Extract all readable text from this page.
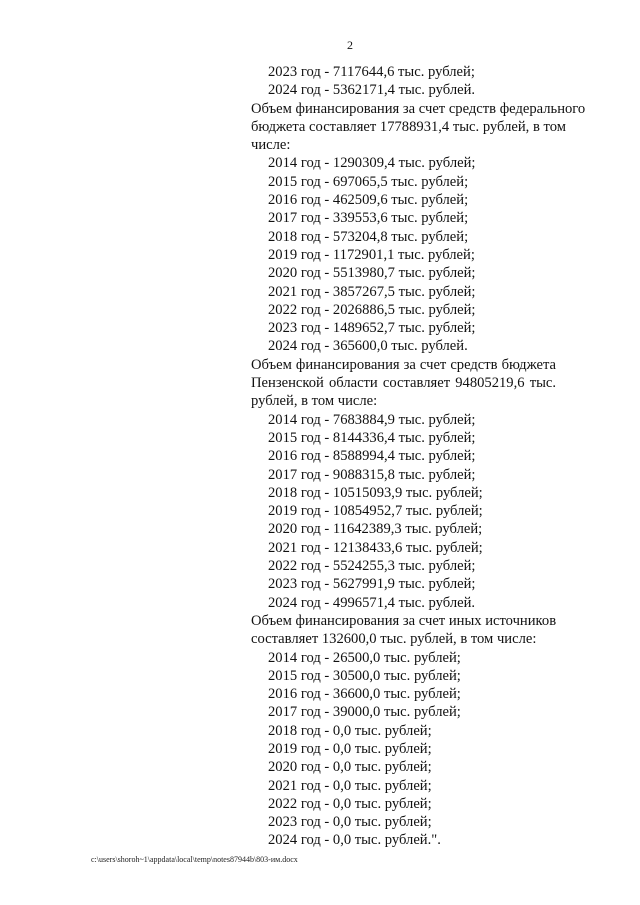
2
2023 год - 7117644,6 тыс. рублей;
2024 год - 5362171,4 тыс. рублей.
Объем финансирования за счет средств федерального
бюджета составляет 17788931,4 тыс. рублей, в том
числе:
2014 год - 1290309,4 тыс. рублей;
2015 год - 697065,5 тыс. рублей;
2016 год - 462509,6 тыс. рублей;
2017 год - 339553,6 тыс. рублей;
2018 год - 573204,8 тыс. рублей;
2019 год - 1172901,1 тыс. рублей;
2020 год - 5513980,7 тыс. рублей;
2021 год - 3857267,5 тыс. рублей;
2022 год - 2026886,5 тыс. рублей;
2023 год - 1489652,7 тыс. рублей;
2024 год - 365600,0 тыс. рублей.
Объем финансирования за счет средств бюджета
Пензенской области составляет 94805219,6 тыс.
рублей, в том числе:
2014 год - 7683884,9 тыс. рублей;
2015 год - 8144336,4 тыс. рублей;
2016 год - 8588994,4 тыс. рублей;
2017 год - 9088315,8 тыс. рублей;
2018 год - 10515093,9 тыс. рублей;
2019 год - 10854952,7 тыс. рублей;
2020 год - 11642389,3 тыс. рублей;
2021 год - 12138433,6 тыс. рублей;
2022 год - 5524255,3 тыс. рублей;
2023 год - 5627991,9 тыс. рублей;
2024 год - 4996571,4 тыс. рублей.
Объем финансирования за счет иных источников
составляет 132600,0 тыс. рублей, в том числе:
2014 год - 26500,0 тыс. рублей;
2015 год - 30500,0 тыс. рублей;
2016 год - 36600,0 тыс. рублей;
2017 год - 39000,0 тыс. рублей;
2018 год - 0,0 тыс. рублей;
2019 год - 0,0 тыс. рублей;
2020 год - 0,0 тыс. рублей;
2021 год - 0,0 тыс. рублей;
2022 год - 0,0 тыс. рублей;
2023 год - 0,0 тыс. рублей;
2024 год - 0,0 тыс. рублей.".
c:\users\shoroh~1\appdata\local\temp\notes87944b\803-им.docx
